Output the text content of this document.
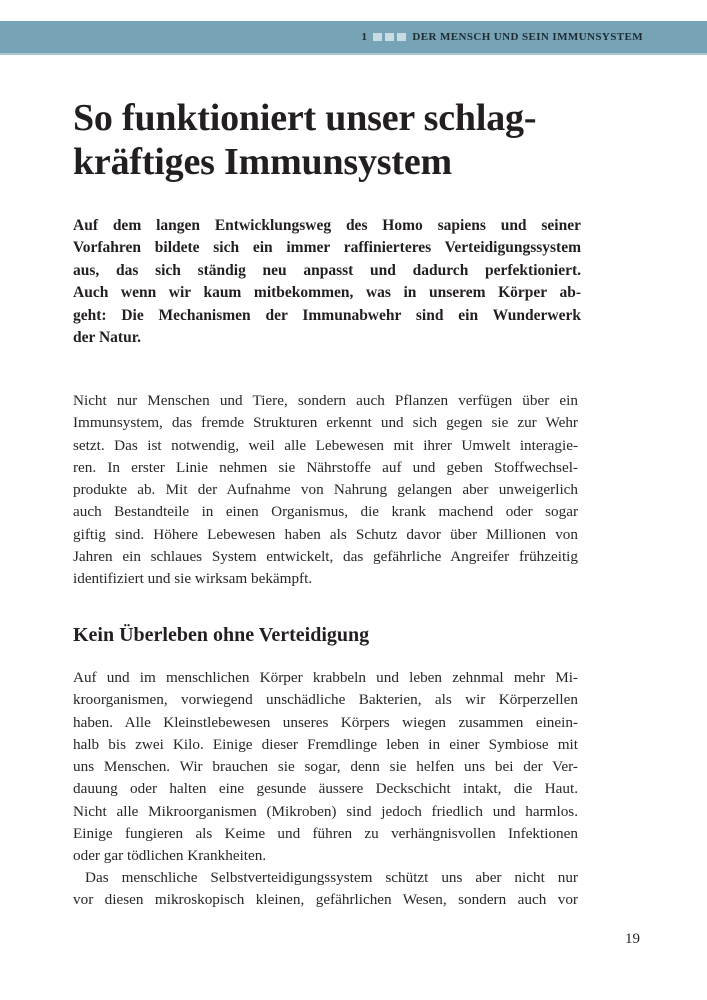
1	DER MENSCH UND SEIN IMMUNSYSTEM
So funktioniert unser schlag-
kräftiges Immunsystem
Auf dem langen Entwicklungsweg des Homo sapiens und seiner
Vorfahren bildete sich ein immer raffinierteres Verteidigungssystem
aus, das sich ständig neu anpasst und dadurch perfektioniert.
Auch wenn wir kaum mitbekommen, was in unserem Körper ab-
geht: Die Mechanismen der Immunabwehr sind ein Wunderwerk
der Natur.
Nicht nur Menschen und Tiere, sondern auch Pflanzen verfügen über ein
Immunsystem, das fremde Strukturen erkennt und sich gegen sie zur Wehr
setzt. Das ist notwendig, weil alle Lebewesen mit ihrer Umwelt interagie-
ren. In erster Linie nehmen sie Nährstoffe auf und geben Stoffwechsel-
produkte ab. Mit der Aufnahme von Nahrung gelangen aber unweigerlich
auch Bestandteile in einen Organismus, die krank machend oder sogar
giftig sind. Höhere Lebewesen haben als Schutz davor über Millionen von
Jahren ein schlaues System entwickelt, das gefährliche Angreifer frühzeitig
identifiziert und sie wirksam bekämpft.
Kein Überleben ohne Verteidigung
Auf und im menschlichen Körper krabbeln und leben zehnmal mehr Mi-
kroorganismen, vorwiegend unschädliche Bakterien, als wir Körperzellen
haben. Alle Kleinstlebewesen unseres Körpers wiegen zusammen einein-
halb bis zwei Kilo. Einige dieser Fremdlinge leben in einer Symbiose mit
uns Menschen. Wir brauchen sie sogar, denn sie helfen uns bei der Ver-
dauung oder halten eine gesunde äussere Deckschicht intakt, die Haut.
Nicht alle Mikroorganismen (Mikroben) sind jedoch friedlich und harmlos.
Einige fungieren als Keime und führen zu verhängnisvollen Infektionen
oder gar tödlichen Krankheiten.
Das menschliche Selbstverteidigungssystem schützt uns aber nicht nur
vor diesen mikroskopisch kleinen, gefährlichen Wesen, sondern auch vor
19
